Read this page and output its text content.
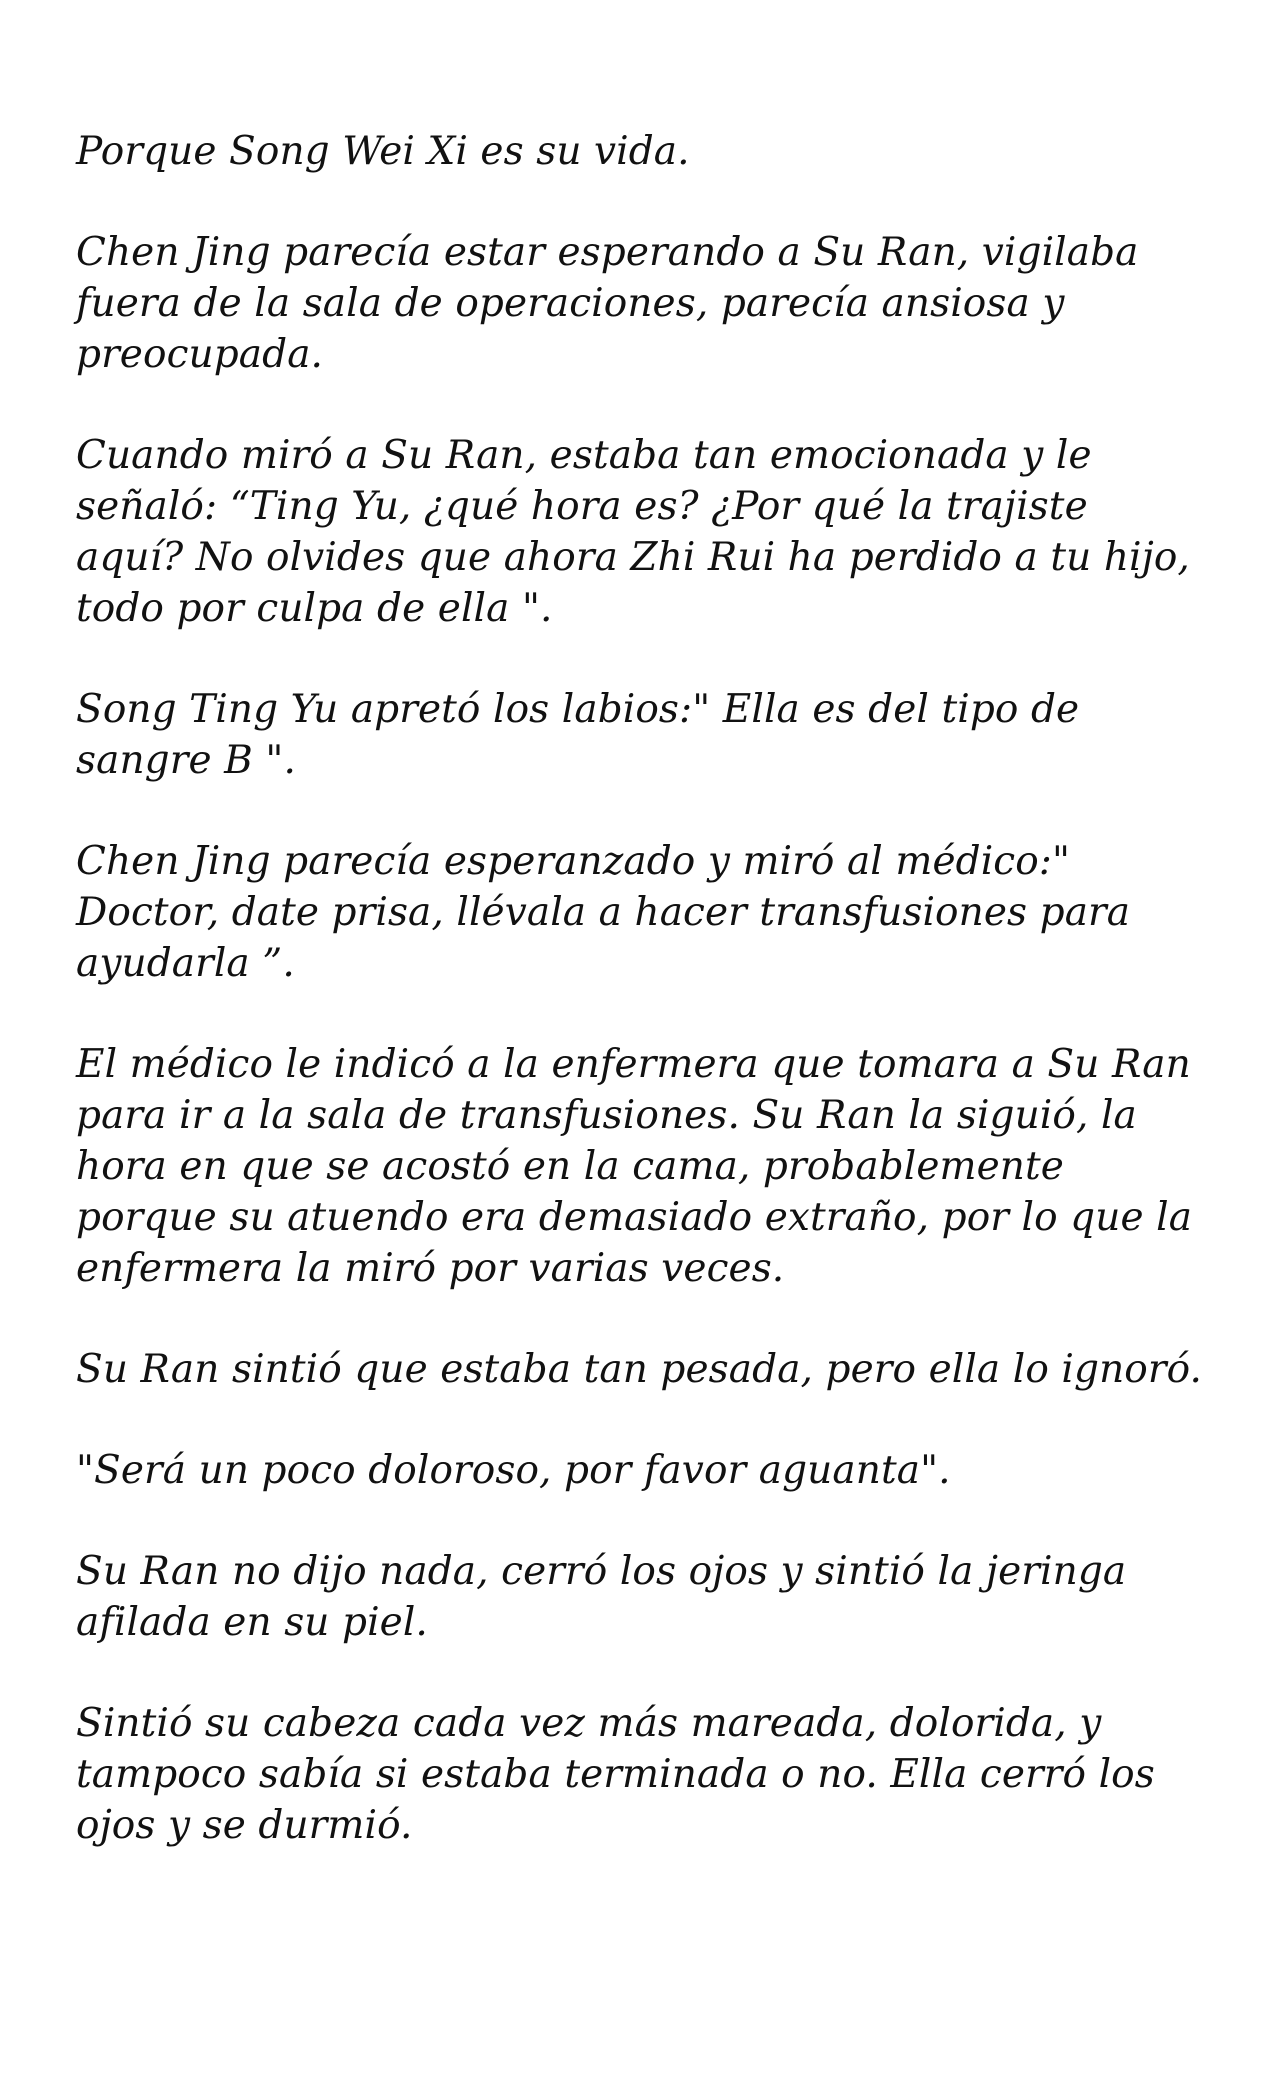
Porque Song Wei Xi es su vida.

Chen Jing parecía estar esperando a Su Ran, vigilaba fuera de la sala de operaciones, parecía ansiosa y preocupada.

Cuando miró a Su Ran, estaba tan emocionada y le señaló: “Ting Yu, ¿qué hora es? ¿Por qué la trajiste aquí? No olvides que ahora Zhi Rui ha perdido a tu hijo, todo por culpa de ella ".

Song Ting Yu apretó los labios:" Ella es del tipo de sangre B ".

Chen Jing parecía esperanzado y miró al médico:" Doctor, date prisa, llévala a hacer transfusiones para ayudarla ”.

El médico le indicó a la enfermera que tomara a Su Ran para ir a la sala de transfusiones. Su Ran la siguió, la hora en que se acostó en la cama, probablemente porque su atuendo era demasiado extraño, por lo que la enfermera la miró por varias veces.

Su Ran sintió que estaba tan pesada, pero ella lo ignoró.

"Será un poco doloroso, por favor aguanta".

Su Ran no dijo nada, cerró los ojos y sintió la jeringa afilada en su piel.

Sintió su cabeza cada vez más mareada, dolorida, y tampoco sabía si estaba terminada o no. Ella cerró los ojos y se durmió.
